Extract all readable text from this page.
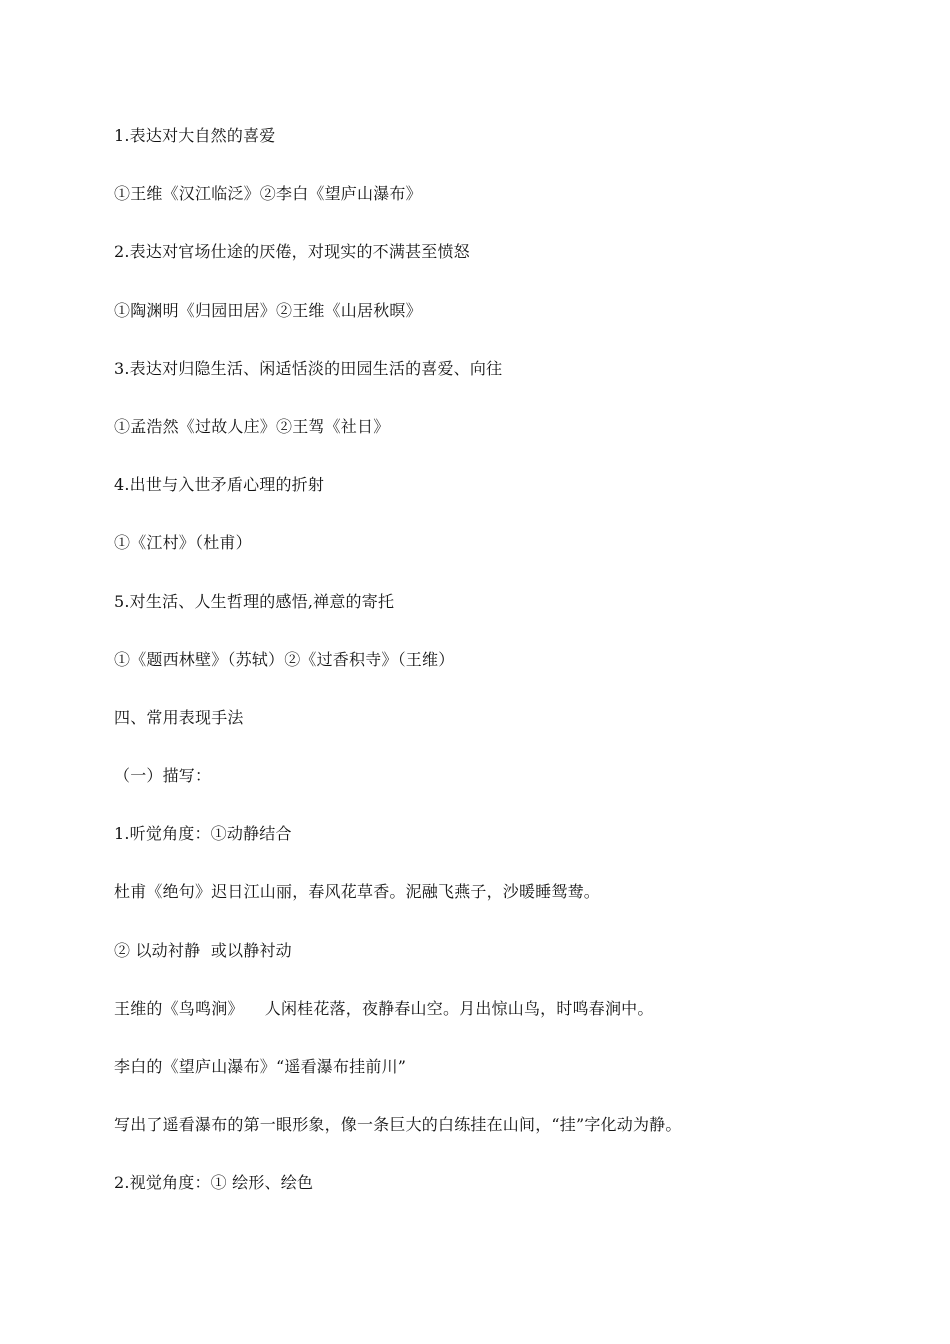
1.表达对大自然的喜爱
①王维《汉江临泛》②李白《望庐山瀑布》
2.表达对官场仕途的厌倦，对现实的不满甚至愤怒
①陶渊明《归园田居》②王维《山居秋暝》
3.表达对归隐生活、闲适恬淡的田园生活的喜爱、向往
①孟浩然《过故人庄》②王驾《社日》
4.出世与入世矛盾心理的折射
①《江村》（杜甫）
5.对生活、人生哲理的感悟,禅意的寄托
①《题西林壁》（苏轼）②《过香积寺》（王维）
四、常用表现手法
（一）描写：
1.听觉角度：①动静结合
杜甫《绝句》迟日江山丽，春风花草香。泥融飞燕子，沙暖睡鸳鸯。
② 以动衬静  或以静衬动
王维的《鸟鸣涧》    人闲桂花落，夜静春山空。月出惊山鸟，时鸣春涧中。
李白的《望庐山瀑布》“遥看瀑布挂前川”
写出了遥看瀑布的第一眼形象，像一条巨大的白练挂在山间，“挂”字化动为静。
2.视觉角度：① 绘形、绘色
